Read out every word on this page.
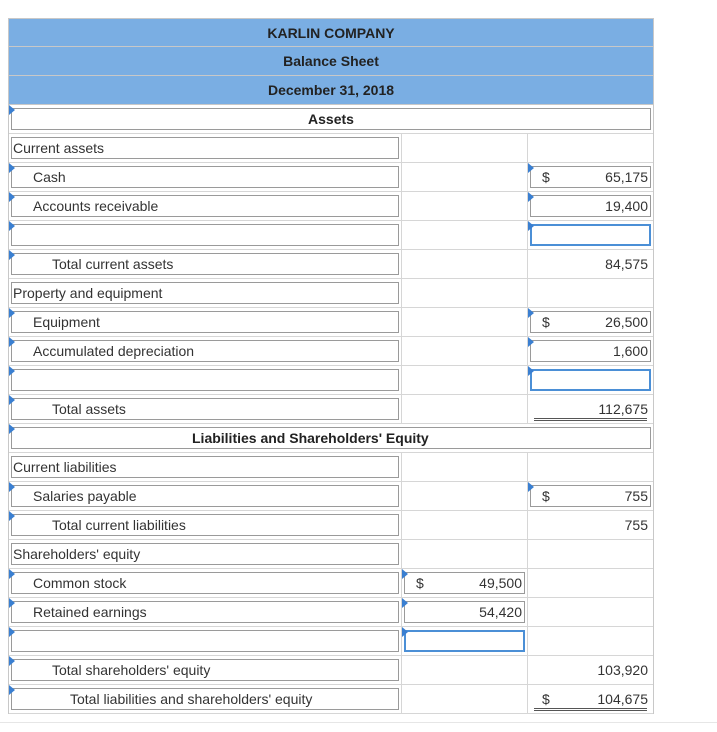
KARLIN COMPANY
Balance Sheet
December 31, 2018
Assets
Current assets
Cash	$	65,175
Accounts receivable	19,400
Total current assets	84,575
Property and equipment
Equipment	$	26,500
Accumulated depreciation	1,600
Total assets	112,675
Liabilities and Shareholders' Equity
Current liabilities
Salaries payable	$	755
Total current liabilities	755
Shareholders' equity
Common stock	$	49,500
Retained earnings	54,420
Total shareholders' equity	103,920
Total liabilities and shareholders' equity	$	104,675
